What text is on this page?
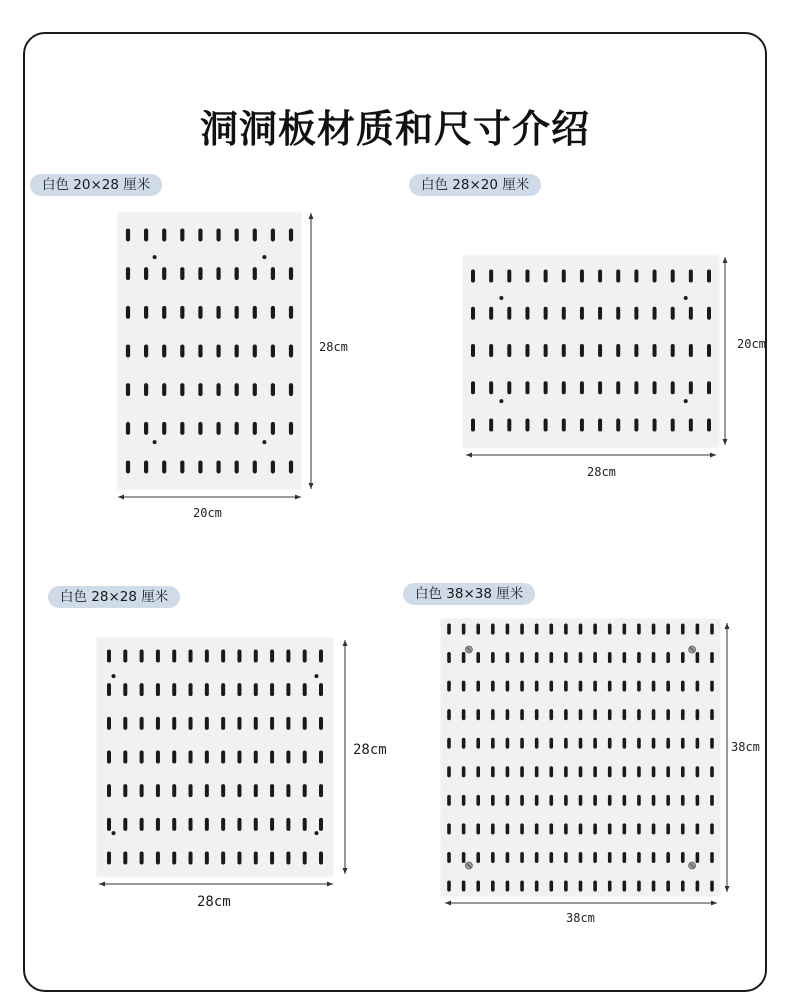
洞洞板材质和尺寸介绍
白色 20×28 厘米
28cm
20cm
白色 28×20 厘米
20cm
28cm
白色 28×28 厘米
28cm
28cm
白色 38×38 厘米
38cm
38cm
